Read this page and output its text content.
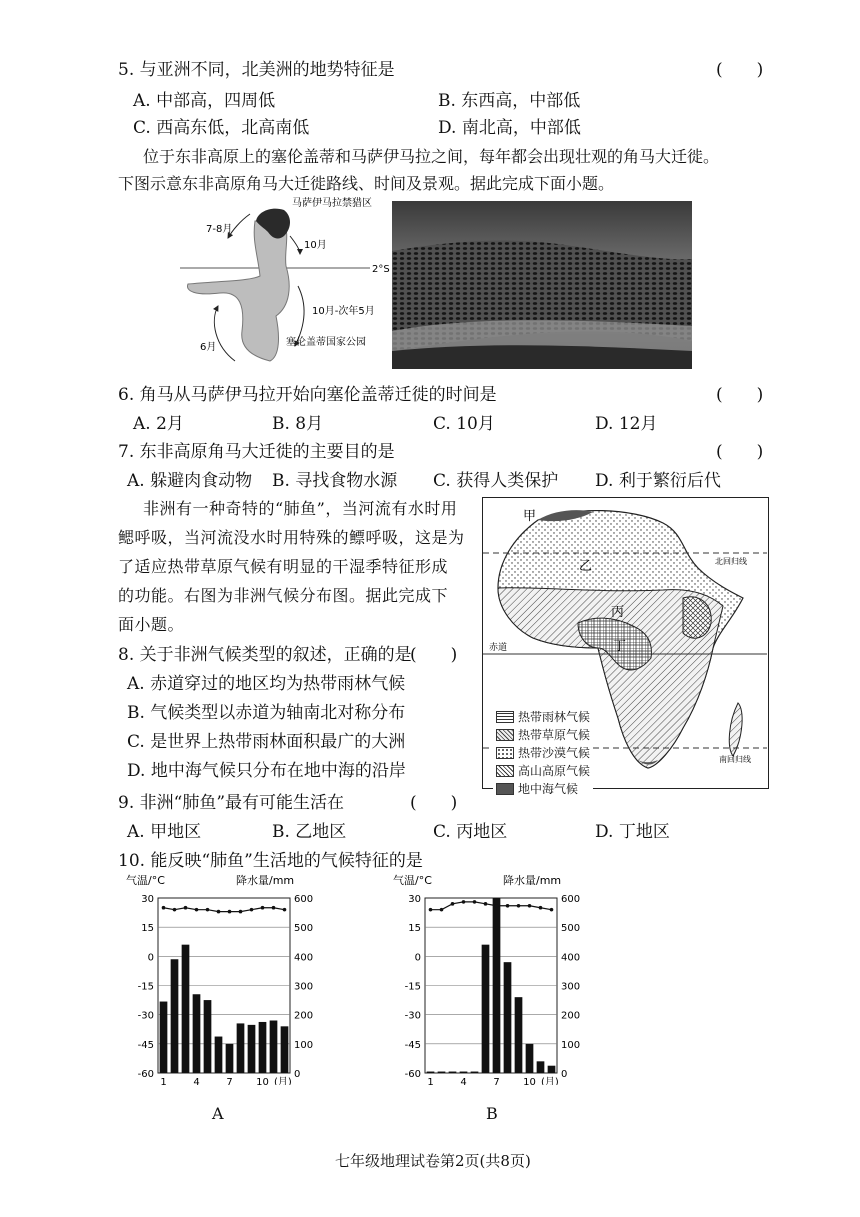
5. 与亚洲不同，北美洲的地势特征是	(　　)
A. 中部高，四周低	B. 东西高，中部低
C. 西高东低，北高南低	D. 南北高，中部低
位于东非高原上的塞伦盖蒂和马萨伊马拉之间，每年都会出现壮观的角马大迁徙。
下图示意东非高原角马大迁徙路线、时间及景观。据此完成下面小题。
马萨伊马拉禁猎区
7-8月
10月
2°S
10月-次年5月
6月	塞伦盖蒂国家公园
6. 角马从马萨伊马拉开始向塞伦盖蒂迁徙的时间是	(　　)
A. 2月	B. 8月	C. 10月	D. 12月
7. 东非高原角马大迁徙的主要目的是	(　　)
A. 躲避肉食动物 B. 寻找食物水源 C. 获得人类保护 D. 利于繁衍后代
非洲有一种奇特的“肺鱼”，当河流有水时用
鳃呼吸，当河流没水时用特殊的鳔呼吸，这是为
了适应热带草原气候有明显的干湿季特征形成
的功能。右图为非洲气候分布图。据此完成下
面小题。
甲
乙
丙
丁
赤道
北回归线
南回归线
热带雨林气候
热带草原气候
热带沙漠气候
高山高原气候
地中海气候
8. 关于非洲气候类型的叙述，正确的是
(　　)
A. 赤道穿过的地区均为热带雨林气候
B. 气候类型以赤道为轴南北对称分布
C. 是世界上热带雨林面积最广的大洲
D. 地中海气候只分布在地中海的沿岸
9. 非洲“肺鱼”最有可能生活在	(　　)
A. 甲地区	B. 乙地区	C. 丙地区	D. 丁地区
10. 能反映“肺鱼”生活地的气候特征的是
气温/°C	降水量/mm
30	600
15	500
0	400
-15	300
-30	200
-45	100
-60	0
1	4	7 10 (月)
A
气温/°C	降水量/mm
30	600
15	500
0	400
-15	300
-30	200
-45	100
-60	0
1	4	7 10 (月)
B
七年级地理试卷第2页(共8页)
